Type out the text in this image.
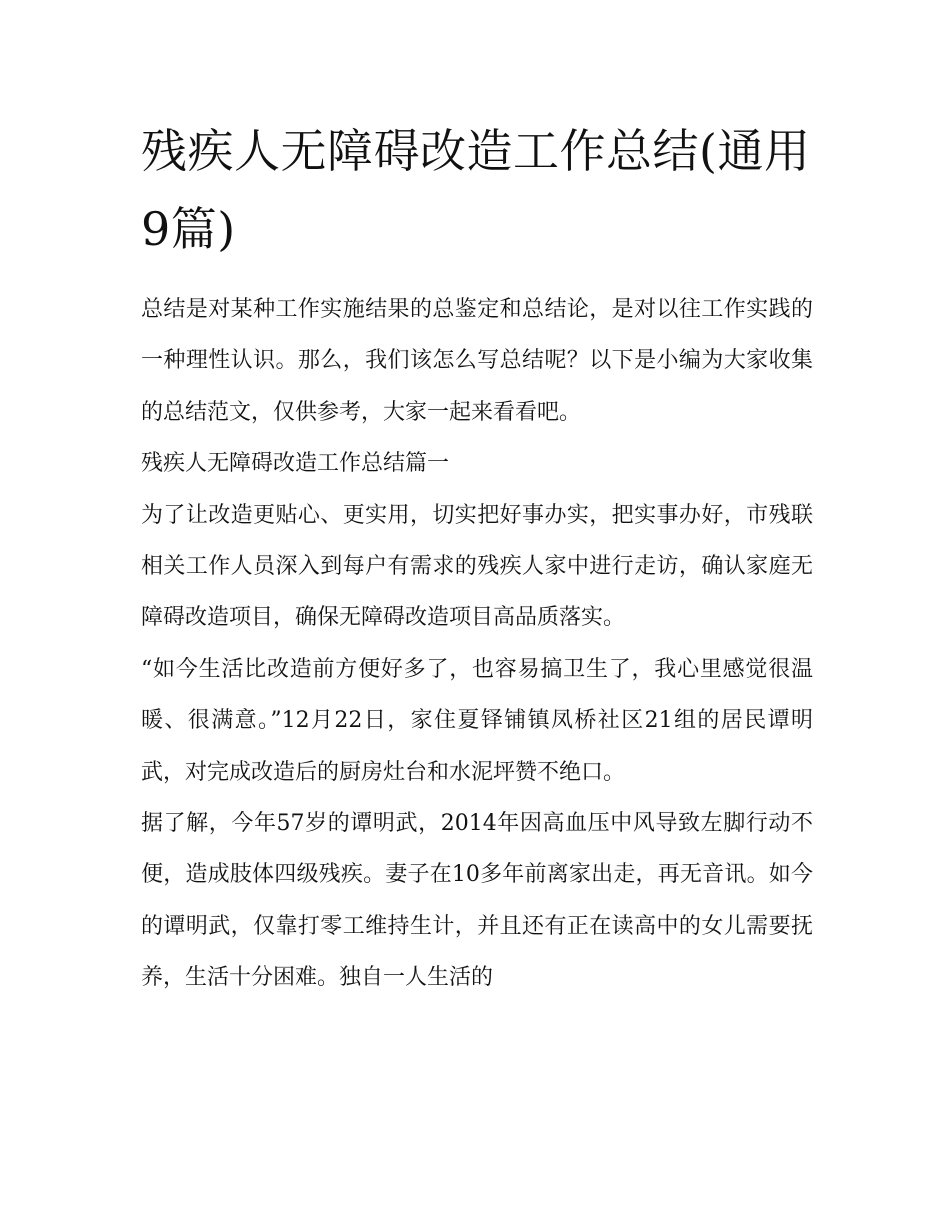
残疾人无障碍改造工作总结(通用9篇)

总结是对某种工作实施结果的总鉴定和总结论，是对以往工作实践的一种理性认识。那么，我们该怎么写总结呢？以下是小编为大家收集的总结范文，仅供参考，大家一起来看看吧。

残疾人无障碍改造工作总结篇一

为了让改造更贴心、更实用，切实把好事办实，把实事办好，市残联相关工作人员深入到每户有需求的残疾人家中进行走访，确认家庭无障碍改造项目，确保无障碍改造项目高品质落实。

“如今生活比改造前方便好多了，也容易搞卫生了，我心里感觉很温暖、很满意。”12月22日，家住夏铎铺镇凤桥社区21组的居民谭明武，对完成改造后的厨房灶台和水泥坪赞不绝口。

据了解，今年57岁的谭明武，2014年因高血压中风导致左脚行动不便，造成肢体四级残疾。妻子在10多年前离家出走，再无音讯。如今的谭明武，仅靠打零工维持生计，并且还有正在读高中的女儿需要抚养，生活十分困难。独自一人生活的
